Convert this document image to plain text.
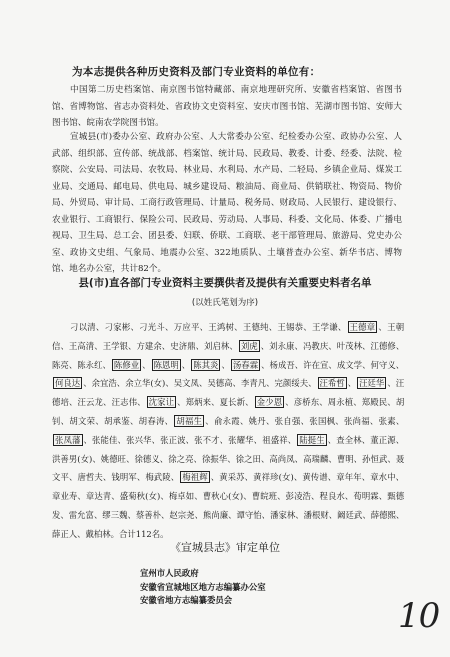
为本志提供各种历史资料及部门专业资料的单位有：
中国第二历史档案馆、南京图书馆特藏部、南京地理研究所、安徽省档案馆、省图书馆、省博物馆、省志办资料处、省政协文史资料室、安庆市图书馆、芜湖市图书馆、安师大图书馆、皖南农学院图书馆。
宣城县(市)委办公室、政府办公室、人大常委办公室、纪检委办公室、政协办公室、人武部、组织部、宣传部、统战部、档案馆、统计局、民政局、教委、计委、经委、法院、检察院、公安局、司法局、农牧局、林业局、水利局、水产局、二轻局、乡镇企业局、煤炭工业局、交通局、邮电局、供电局、城乡建设局、粮油局、商业局、供销联社、物资局、物价局、外贸局、审计局、工商行政管理局、计量局、税务局、财政局、人民银行、建设银行、农业银行、工商银行、保险公司、民政局、劳动局、人事局、科委、文化局、体委、广播电视局、卫生局、总工会、团县委、妇联、侨联、工商联、老干部管理局、旅游局、党史办公室、政协文史组、气象局、地震办公室、322地质队、土壤普查办公室、新华书店、博物馆、地名办公室，共计82个。
县(市)直各部门专业资料主要撰供者及提供有关重要史料者名单
(以姓氏笔划为序)
刁以清、刁家彬、刁光斗、万应平、王鸿树、王德纯、王锡恭、王学谦、 王德章 、王朝信、王高清、王学银、方建余、史济鼎、刘启林、 刘虎 、刘永康、冯教庆、叶茂林、江德修、陈亮、陈永红、 陈修业 、 陈恩明 、 陈其炎 、 汤春霖 、杨成吾、许在宣、成文学、何守义、何良达 、余宜浩、余立华(女)、吴文凤、吴德高、李青凡、完颜绥夫、 汪希哲 、 汪廷华 、汪德培、汪云龙、汪志伟、 沈家让 、郑炳来、夏长新、 金少恩 、彦桥东、周永植、郑殿民、胡钊、胡文荣、胡承鉴、胡春涛、 胡福生 、俞永霞、姚丹、张自强、张国枫、张尚福、张素、张凤藩 、张能佳、张兴华、张正波、张不才、张耀华、祖盛祥、 陆挺生 、查全林、董正源、洪善男(女)、姚德旺、徐德义、徐之亮、徐振华、徐之田、高尚凤、高瑞麟、曹明、孙恒武、聂文平、唐哲夫、钱明军、梅武陵、 梅祖辉 、黄采苏、黄祥珍(女)、黄传谱、章年年、章水中、章业寿、章达青、盛菊秋(女)、梅卓如、曹秋心(女)、曹皖班、彭凌浩、程良水、荀明霖、甄德发、雷允富、缪三魏、蔡善朴、赵宗尧、熊尚廉、谭守怡、潘家林、潘根财、阚廷武、薛德熙、薛正人、戴柏林。合计112名。
《宣城县志》审定单位
宣州市人民政府
安徽省宣城地区地方志编纂办公室
安徽省地方志编纂委员会	10
